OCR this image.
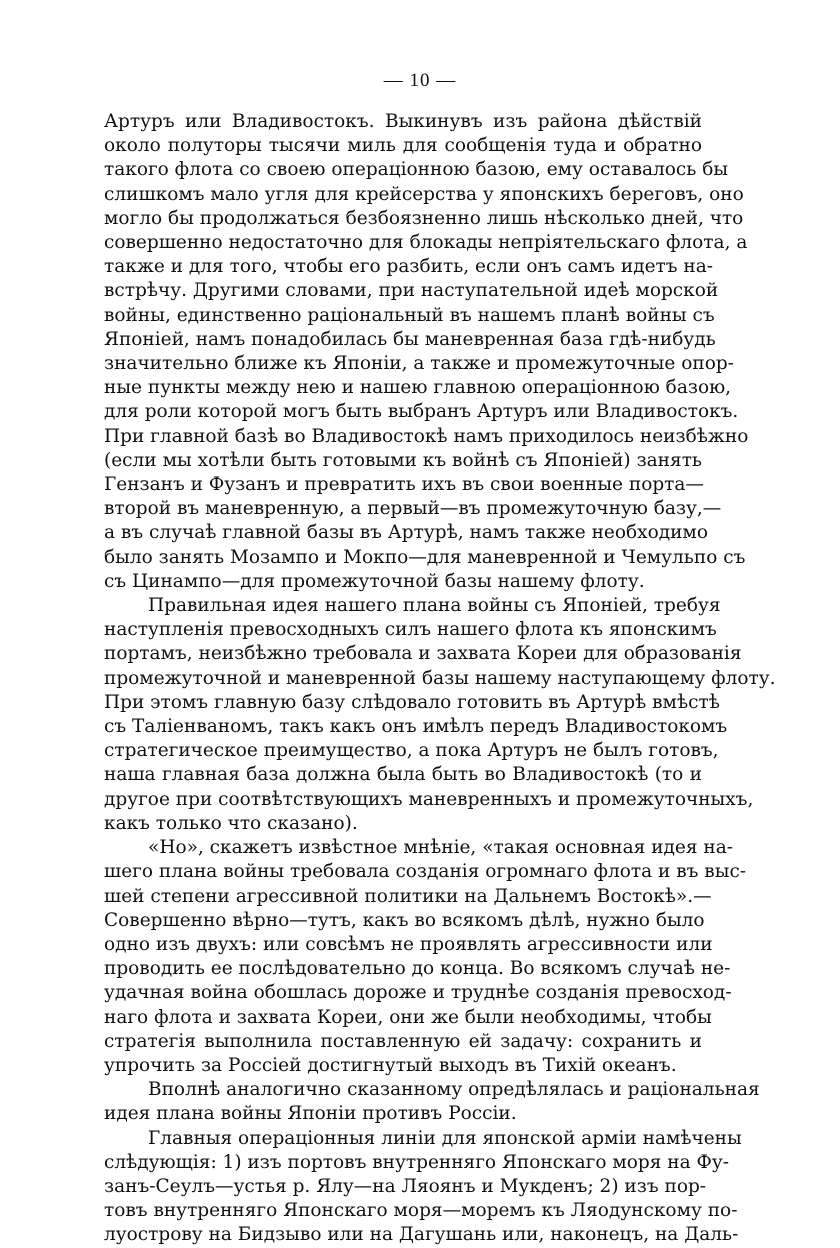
— 10 —
Артуръ или Владивостокъ. Выкинувъ изъ района дѣйствій
около полуторы тысячи миль для сообщенія туда и обратно
такого флота со своею операціонною базою, ему оставалось бы
слишкомъ мало угля для крейсерства у японскихъ береговъ, оно
могло бы продолжаться безбоязненно лишь нѣсколько дней, что
совершенно недостаточно для блокады непріятельскаго флота, а
также и для того, чтобы его разбить, если онъ самъ идетъ на-
встрѣчу. Другими словами, при наступательной идеѣ морской
войны, единственно раціональный въ нашемъ планѣ войны съ
Японіей, намъ понадобилась бы маневренная база гдѣ-нибудь
значительно ближе къ Японіи, а также и промежуточные опор-
ные пункты между нею и нашею главною операціонною базою,
для роли которой могъ быть выбранъ Артуръ или Владивостокъ.
При главной базѣ во Владивостокѣ намъ приходилось неизбѣжно
(если мы хотѣли быть готовыми къ войнѣ съ Японіей) занять
Гензанъ и Фузанъ и превратить ихъ въ свои военные порта—
второй въ маневренную, а первый—въ промежуточную базу,—
а въ случаѣ главной базы въ Артурѣ, намъ также необходимо
было занять Мозампо и Мокпо—для маневренной и Чемульпо съ
съ Цинампо—для промежуточной базы нашему флоту.
Правильная идея нашего плана войны съ Японіей, требуя
наступленія превосходныхъ силъ нашего флота къ японскимъ
портамъ, неизбѣжно требовала и захвата Кореи для образованія
промежуточной и маневренной базы нашему наступающему флоту.
При этомъ главную базу слѣдовало готовить въ Артурѣ вмѣстѣ
съ Таліенваномъ, такъ какъ онъ имѣлъ передъ Владивостокомъ
стратегическое преимущество, а пока Артуръ не былъ готовъ,
наша главная база должна была быть во Владивостокѣ (то и
другое при соотвѣтствующихъ маневренныхъ и промежуточныхъ,
какъ только что сказано).
«Но», скажетъ извѣстное мнѣніе, «такая основная идея на-
шего плана войны требовала созданія огромнаго флота и въ выс-
шей степени агрессивной политики на Дальнемъ Востокѣ».—
Совершенно вѣрно—тутъ, какъ во всякомъ дѣлѣ, нужно было
одно изъ двухъ: или совсѣмъ не проявлять агрессивности или
проводить ее послѣдовательно до конца. Во всякомъ случаѣ не-
удачная война обошлась дороже и труднѣе созданія превосход-
наго флота и захвата Кореи, они же были необходимы, чтобы
стратегія выполнила поставленную ей задачу: сохранить и
упрочить за Россіей достигнутый выходъ въ Тихій океанъ.
Вполнѣ аналогично сказанному опредѣлялась и раціональная
идея плана войны Японіи противъ Россіи.
Главныя операціонныя линіи для японской арміи намѣчены
слѣдующія: 1) изъ портовъ внутренняго Японскаго моря на Фу-
занъ-Сеулъ—устья р. Ялу—на Ляоянъ и Мукденъ; 2) изъ пор-
товъ внутренняго Японскаго моря—моремъ къ Ляодунскому по-
луострову на Бидзыво или на Дагушань или, наконецъ, на Даль-
